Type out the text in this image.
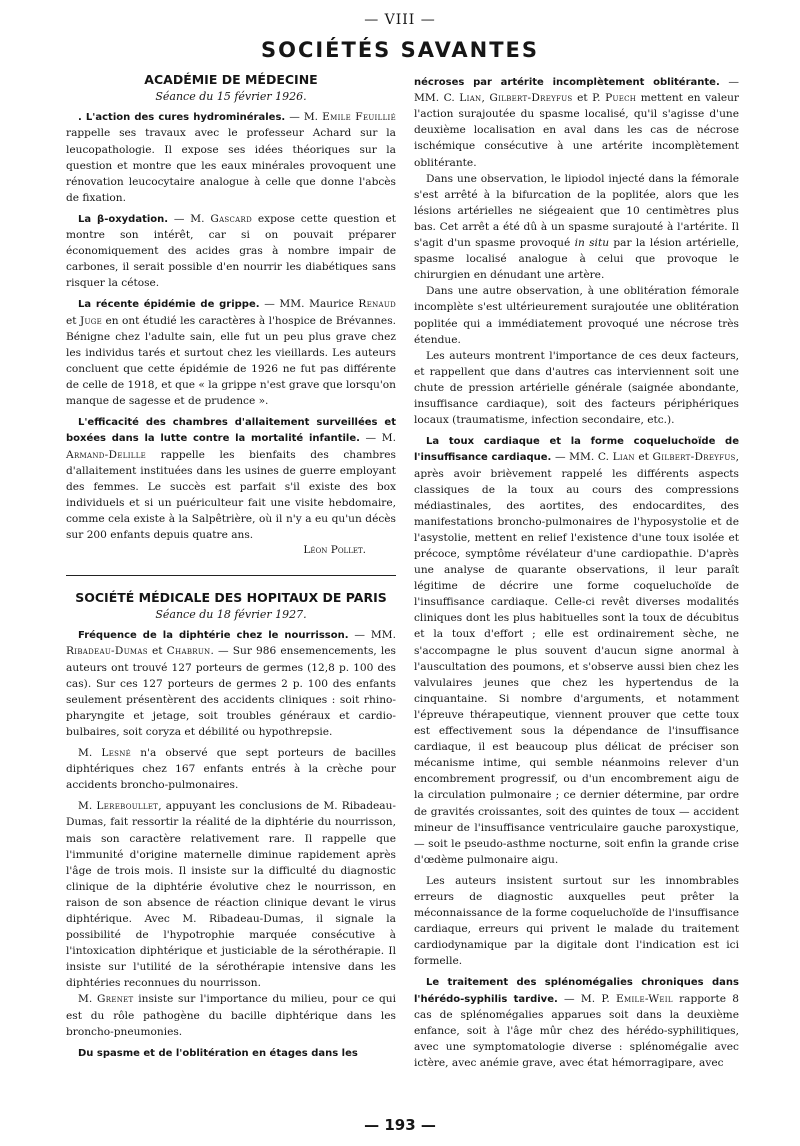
— VIII —
SOCIÉTÉS SAVANTES
ACADÉMIE DE MÉDECINE
Séance du 15 février 1926.

. L'action des cures hydrominérales. — M. Emile Feuillié rappelle ses travaux avec le professeur Achard sur la leucopathologie. Il expose ses idées théoriques sur la question et montre que les eaux minérales provoquent une rénovation leucocytaire analogue à celle que donne l'abcès de fixation.

La β-oxydation. — M. Gascard expose cette question et montre son intérêt, car si on pouvait préparer économiquement des acides gras à nombre impair de carbones, il serait possible d'en nourrir les diabétiques sans risquer la cétose.

La récente épidémie de grippe. — MM. Maurice Renaud et Juge en ont étudié les caractères à l'hospice de Brévannes. Bénigne chez l'adulte sain, elle fut un peu plus grave chez les individus tarés et surtout chez les vieillards. Les auteurs concluent que cette épidémie de 1926 ne fut pas différente de celle de 1918, et que « la grippe n'est grave que lorsqu'on manque de sagesse et de prudence ».

L'efficacité des chambres d'allaitement surveillées et boxées dans la lutte contre la mortalité infantile. — M. Armand-Delille rappelle les bienfaits des chambres d'allaitement instituées dans les usines de guerre employant des femmes. Le succès est parfait s'il existe des box individuels et si un puériculteur fait une visite hebdomaire, comme cela existe à la Salpêtrière, où il n'y a eu qu'un décès sur 200 enfants depuis quatre ans.

Léon Pollet.
SOCIÉTÉ MÉDICALE DES HOPITAUX DE PARIS
Séance du 18 février 1927.

Fréquence de la diphtérie chez le nourrisson. — MM. Ribadeau-Dumas et Chabrun. — Sur 986 ensemencements, les auteurs ont trouvé 127 porteurs de germes (12,8 p. 100 des cas). Sur ces 127 porteurs de germes 2 p. 100 des enfants seulement présentèrent des accidents cliniques : soit rhino-pharyngite et jetage, soit troubles généraux et cardio-bulbaires, soit coryza et débilité ou hypothrepsie.

M. Lesné n'a observé que sept porteurs de bacilles diphtériques chez 167 enfants entrés à la crèche pour accidents broncho-pulmonaires.

M. Lereboullet, appuyant les conclusions de M. Ribadeau-Dumas, fait ressortir la réalité de la diphtérie du nourrisson, mais son caractère relativement rare. Il rappelle que l'immunité d'origine maternelle diminue rapidement après l'âge de trois mois. Il insiste sur la difficulté du diagnostic clinique de la diphtérie évolutive chez le nourrisson, en raison de son absence de réaction clinique devant le virus diphtérique. Avec M. Ribadeau-Dumas, il signale la possibilité de l'hypotrophie marquée consécutive à l'intoxication diphtérique et justiciable de la sérothérapie. Il insiste sur l'utilité de la sérothérapie intensive dans les diphtéries reconnues du nourrisson.

M. Grenet insiste sur l'importance du milieu, pour ce qui est du rôle pathogène du bacille diphtérique dans les broncho-pneumonies.

Du spasme et de l'oblitération en étages dans les

nécroses par artérite incomplètement oblitérante. — MM. C. Lian, Gilbert-Dreyfus et P. Puech mettent en valeur l'action surajoutée du spasme localisé, qu'il s'agisse d'une deuxième localisation en aval dans les cas de nécrose ischémique consécutive à une artérite incomplètement oblitérante.

Dans une observation, le lipiodol injecté dans la fémorale s'est arrêté à la bifurcation de la poplitée, alors que les lésions artérielles ne siégeaient que 10 centimètres plus bas. Cet arrêt a été dû à un spasme surajouté à l'artérite. Il s'agit d'un spasme provoqué in situ par la lésion artérielle, spasme localisé analogue à celui que provoque le chirurgien en dénudant une artère.

Dans une autre observation, à une oblitération fémorale incomplète s'est ultérieurement surajoutée une oblitération poplitée qui a immédiatement provoqué une nécrose très étendue.

Les auteurs montrent l'importance de ces deux facteurs, et rappellent que dans d'autres cas interviennent soit une chute de pression artérielle générale (saignée abondante, insuffisance cardiaque), soit des facteurs périphériques locaux (traumatisme, infection secondaire, etc.).

La toux cardiaque et la forme coqueluchoïde de l'insuffisance cardiaque. — MM. C. Lian et Gilbert-Dreyfus, après avoir brièvement rappelé les différents aspects classiques de la toux au cours des compressions médiastinales, des aortites, des endocardites, des manifestations broncho-pulmonaires de l'hyposystolie et de l'asystolie, mettent en relief l'existence d'une toux isolée et précoce, symptôme révélateur d'une cardiopathie. D'après une analyse de quarante observations, il leur paraît légitime de décrire une forme coqueluchoïde de l'insuffisance cardiaque. Celle-ci revêt diverses modalités cliniques dont les plus habituelles sont la toux de décubitus et la toux d'effort ; elle est ordinairement sèche, ne s'accompagne le plus souvent d'aucun signe anormal à l'auscultation des poumons, et s'observe aussi bien chez les valvulaires jeunes que chez les hypertendus de la cinquantaine. Si nombre d'arguments, et notamment l'épreuve thérapeutique, viennent prouver que cette toux est effectivement sous la dépendance de l'insuffisance cardiaque, il est beaucoup plus délicat de préciser son mécanisme intime, qui semble néanmoins relever d'un encombrement progressif, ou d'un encombrement aigu de la circulation pulmonaire ; ce dernier détermine, par ordre de gravités croissantes, soit des quintes de toux — accident mineur de l'insuffisance ventriculaire gauche paroxystique, — soit le pseudo-asthme nocturne, soit enfin la grande crise d'œdème pulmonaire aigu.

Les auteurs insistent surtout sur les innombrables erreurs de diagnostic auxquelles peut prêter la méconnaissance de la forme coqueluchoïde de l'insuffisance cardiaque, erreurs qui privent le malade du traitement cardiodynamique par la digitale dont l'indication est ici formelle.

Le traitement des splénomégalies chroniques dans l'hérédo-syphilis tardive. — M. P. Emile-Weil rapporte 8 cas de splénomégalies apparues soit dans la deuxième enfance, soit à l'âge mûr chez des hérédo-syphilitiques, avec une symptomatologie diverse : splénomégalie avec ictère, avec anémie grave, avec état hémorragipare, avec

— 193 —
